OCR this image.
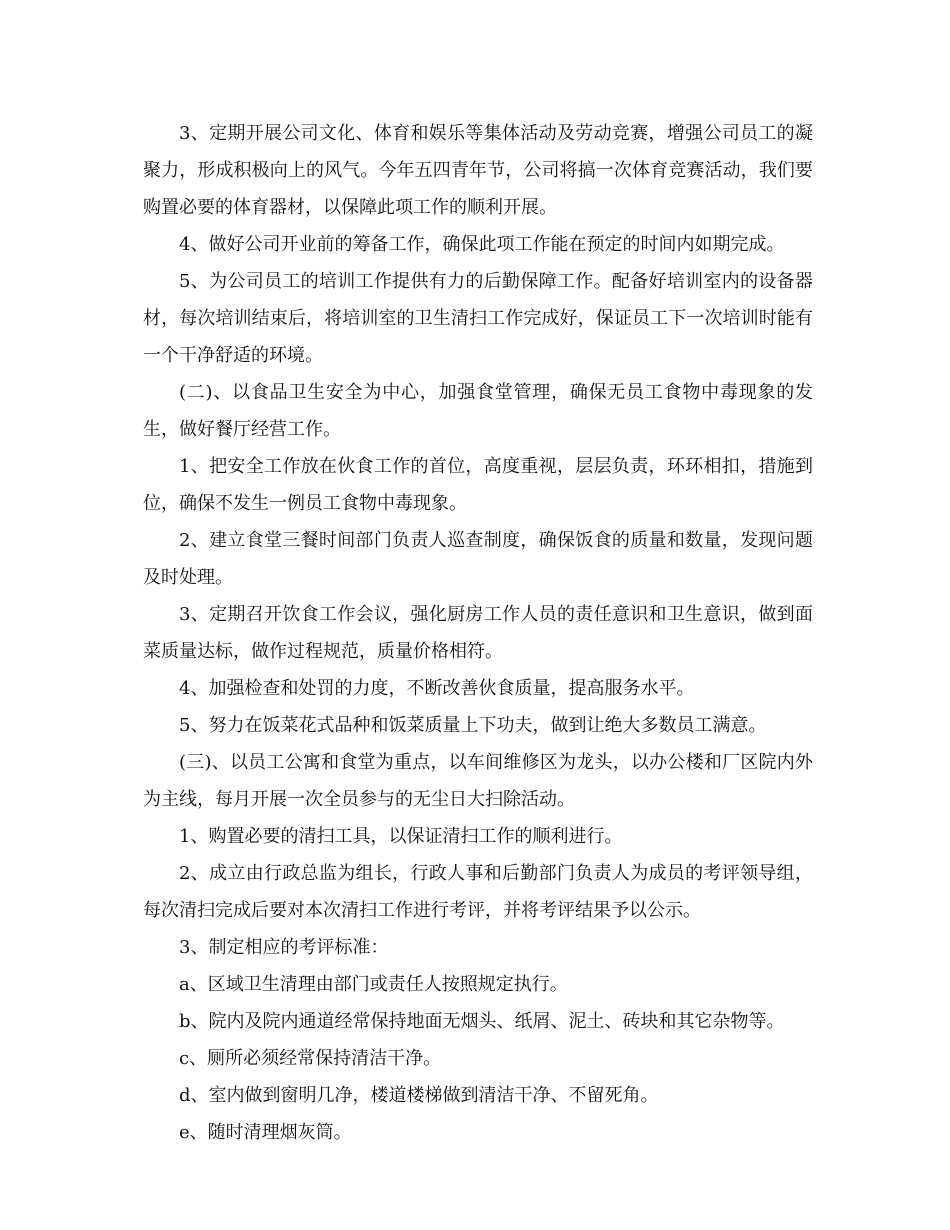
3、定期开展公司文化、体育和娱乐等集体活动及劳动竞赛，增强公司员工的凝聚力，形成积极向上的风气。今年五四青年节，公司将搞一次体育竞赛活动，我们要购置必要的体育器材，以保障此项工作的顺利开展。

4、做好公司开业前的筹备工作，确保此项工作能在预定的时间内如期完成。

5、为公司员工的培训工作提供有力的后勤保障工作。配备好培训室内的设备器材，每次培训结束后，将培训室的卫生清扫工作完成好，保证员工下一次培训时能有一个干净舒适的环境。

(二)、以食品卫生安全为中心，加强食堂管理，确保无员工食物中毒现象的发生，做好餐厅经营工作。

1、把安全工作放在伙食工作的首位，高度重视，层层负责，环环相扣，措施到位，确保不发生一例员工食物中毒现象。

2、建立食堂三餐时间部门负责人巡查制度，确保饭食的质量和数量，发现问题及时处理。

3、定期召开饮食工作会议，强化厨房工作人员的责任意识和卫生意识，做到面菜质量达标，做作过程规范，质量价格相符。

4、加强检查和处罚的力度，不断改善伙食质量，提高服务水平。

5、努力在饭菜花式品种和饭菜质量上下功夫，做到让绝大多数员工满意。

(三)、以员工公寓和食堂为重点，以车间维修区为龙头，以办公楼和厂区院内外为主线，每月开展一次全员参与的无尘日大扫除活动。

1、购置必要的清扫工具，以保证清扫工作的顺利进行。

2、成立由行政总监为组长，行政人事和后勤部门负责人为成员的考评领导组，每次清扫完成后要对本次清扫工作进行考评，并将考评结果予以公示。

3、制定相应的考评标准：

a、区域卫生清理由部门或责任人按照规定执行。

b、院内及院内通道经常保持地面无烟头、纸屑、泥土、砖块和其它杂物等。

c、厕所必须经常保持清洁干净。

d、室内做到窗明几净，楼道楼梯做到清洁干净、不留死角。

e、随时清理烟灰筒。
